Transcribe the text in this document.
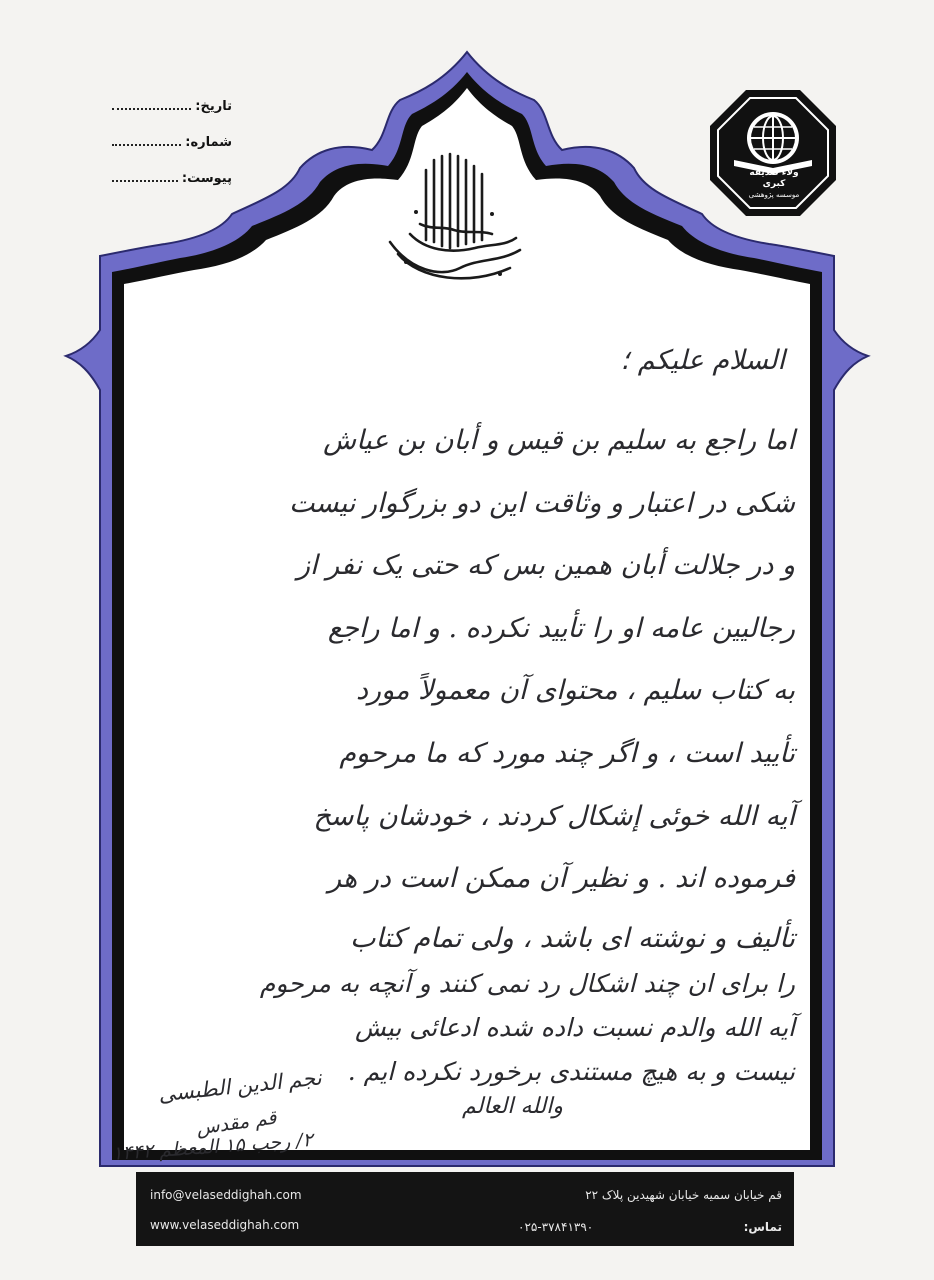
تاریخ:
شماره:
پیوست:	ولاء صدیقه کبری
موسسه پژوهشی
السلام علیکم ؛
اما راجع به سلیم بن قیس و أبان بن عیاش
شکی در اعتبار و وثاقت این دو بزرگوار نیست
و در جلالت أبان همین بس که حتی یک نفر از
رجالیین عامه او را تأیید نکرده . و اما راجع
به کتاب سلیم ، محتوای آن معمولاً مورد
تأیید است ، و اگر چند مورد که ما مرحوم
آیه الله خوئی إشکال کردند ، خودشان پاسخ
فرموده اند . و نظیر آن ممکن است در هر
تألیف و نوشته ای باشد ، ولی تمام کتاب
را برای ان چند اشکال رد نمی کنند و آنچه به مرحوم
آیه الله والدم نسبت داده شده ادعائی بیش
نیست و به هیچ مستندی برخورد نکرده ایم .
والله العالم
نجم الدین الطبسی
قم مقدس
۲/ رجب ۱۵ المعظم ۱۴۴۲
info@velaseddighah.com
www.velaseddighah.com
قم خیابان سمیه خیابان شهیدین پلاک ۲۲
تماس:
۰۲۵-۳۷۸۴۱۳۹۰
